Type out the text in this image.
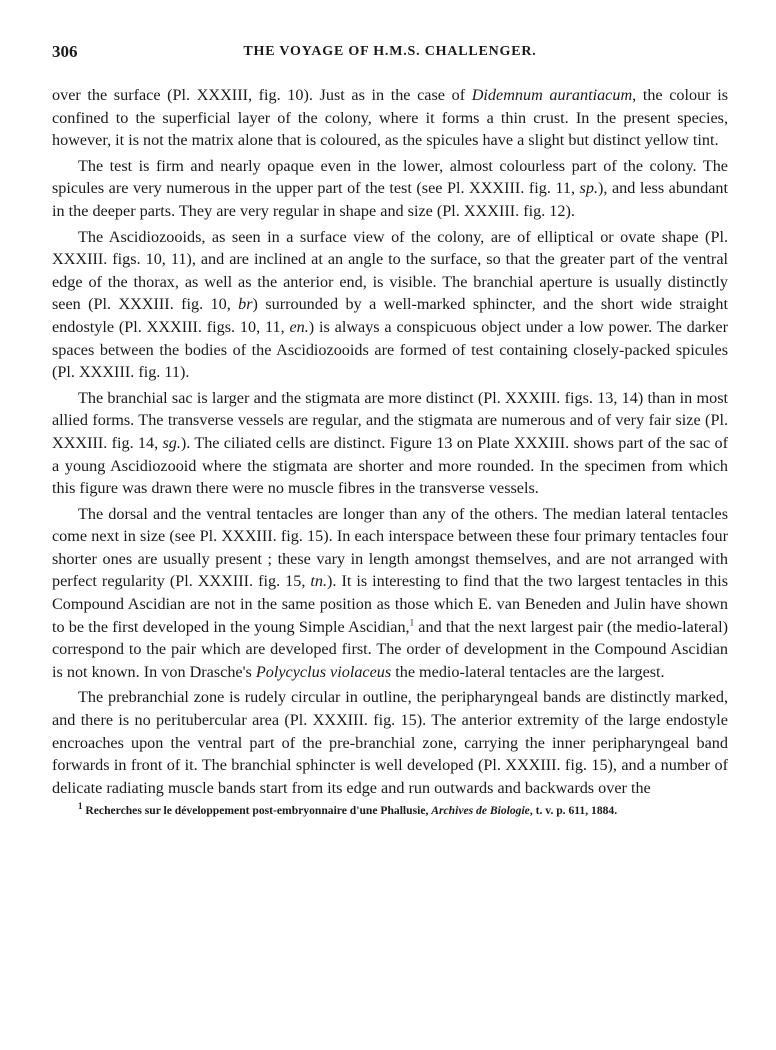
306	THE VOYAGE OF H.M.S. CHALLENGER.

over the surface (Pl. XXXIII, fig. 10). Just as in the case of Didemnum aurantiacum, the colour is confined to the superficial layer of the colony, where it forms a thin crust. In the present species, however, it is not the matrix alone that is coloured, as the spicules have a slight but distinct yellow tint.

The test is firm and nearly opaque even in the lower, almost colourless part of the colony. The spicules are very numerous in the upper part of the test (see Pl. XXXIII. fig. 11, sp.), and less abundant in the deeper parts. They are very regular in shape and size (Pl. XXXIII. fig. 12).

The Ascidiozooids, as seen in a surface view of the colony, are of elliptical or ovate shape (Pl. XXXIII. figs. 10, 11), and are inclined at an angle to the surface, so that the greater part of the ventral edge of the thorax, as well as the anterior end, is visible. The branchial aperture is usually distinctly seen (Pl. XXXIII. fig. 10, br) surrounded by a well-marked sphincter, and the short wide straight endostyle (Pl. XXXIII. figs. 10, 11, en.) is always a conspicuous object under a low power. The darker spaces between the bodies of the Ascidiozooids are formed of test containing closely-packed spicules (Pl. XXXIII. fig. 11).

The branchial sac is larger and the stigmata are more distinct (Pl. XXXIII. figs. 13, 14) than in most allied forms. The transverse vessels are regular, and the stigmata are numerous and of very fair size (Pl. XXXIII. fig. 14, sg.). The ciliated cells are distinct. Figure 13 on Plate XXXIII. shows part of the sac of a young Ascidiozooid where the stigmata are shorter and more rounded. In the specimen from which this figure was drawn there were no muscle fibres in the transverse vessels.

The dorsal and the ventral tentacles are longer than any of the others. The median lateral tentacles come next in size (see Pl. XXXIII. fig. 15). In each interspace between these four primary tentacles four shorter ones are usually present ; these vary in length amongst themselves, and are not arranged with perfect regularity (Pl. XXXIII. fig. 15, tn.). It is interesting to find that the two largest tentacles in this Compound Ascidian are not in the same position as those which E. van Beneden and Julin have shown to be the first developed in the young Simple Ascidian,$^1$ and that the next largest pair (the medio-lateral) correspond to the pair which are developed first. The order of development in the Compound Ascidian is not known. In von Drasche's Polycyclus violaceus the medio-lateral tentacles are the largest.

The prebranchial zone is rudely circular in outline, the peripharyngeal bands are distinctly marked, and there is no peritubercular area (Pl. XXXIII. fig. 15). The anterior extremity of the large endostyle encroaches upon the ventral part of the pre-branchial zone, carrying the inner peripharyngeal band forwards in front of it. The branchial sphincter is well developed (Pl. XXXIII. fig. 15), and a number of delicate radiating muscle bands start from its edge and run outwards and backwards over the

$^1$ Recherches sur le développement post-embryonnaire d'une Phallusie, Archives de Biologie, t. v. p. 611, 1884.
